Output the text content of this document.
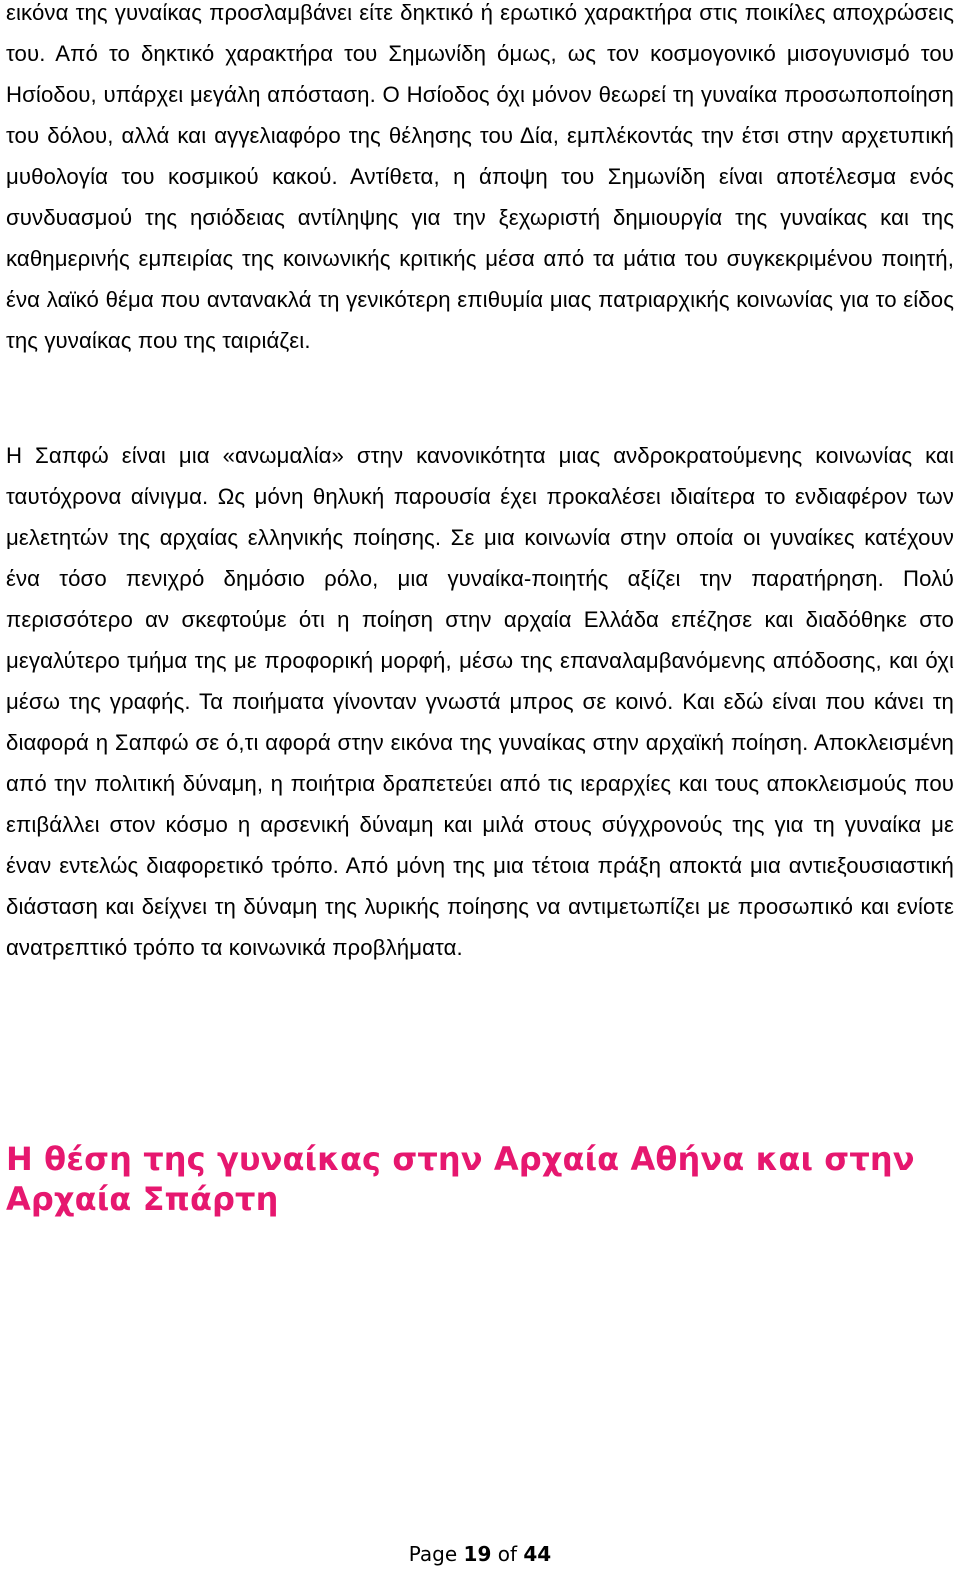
εικόνα της γυναίκας προσλαμβάνει είτε δηκτικό ή ερωτικό χαρακτήρα στις ποικίλες αποχρώσεις του. Από το δηκτικό χαρακτήρα του Σημωνίδη όμως, ως τον κοσμογονικό μισογυνισμό του Ησίοδου, υπάρχει μεγάλη απόσταση. Ο Ησίοδος όχι μόνον θεωρεί τη γυναίκα προσωποποίηση του δόλου, αλλά και αγγελιαφόρο της θέλησης του Δία, εμπλέκοντάς την έτσι στην αρχετυπική μυθολογία του κοσμικού κακού. Αντίθετα, η άποψη του Σημωνίδη είναι αποτέλεσμα ενός συνδυασμού της ησιόδειας αντίληψης για την ξεχωριστή δημιουργία της γυναίκας και της καθημερινής εμπειρίας της κοινωνικής κριτικής μέσα από τα μάτια του συγκεκριμένου ποιητή, ένα λαϊκό θέμα που αντανακλά τη γενικότερη επιθυμία μιας πατριαρχικής κοινωνίας για το είδος της γυναίκας που της ταιριάζει.

Η Σαπφώ είναι μια «ανωμαλία» στην κανονικότητα μιας ανδροκρατούμενης κοινωνίας και ταυτόχρονα αίνιγμα. Ως μόνη θηλυκή παρουσία έχει προκαλέσει ιδιαίτερα το ενδιαφέρον των μελετητών της αρχαίας ελληνικής ποίησης. Σε μια κοινωνία στην οποία οι γυναίκες κατέχουν ένα τόσο πενιχρό δημόσιο ρόλο, μια γυναίκα-ποιητής αξίζει την παρατήρηση. Πολύ περισσότερο αν σκεφτούμε ότι η ποίηση στην αρχαία Ελλάδα επέζησε και διαδόθηκε στο μεγαλύτερο τμήμα της με προφορική μορφή, μέσω της επαναλαμβανόμενης απόδοσης, και όχι μέσω της γραφής. Τα ποιήματα γίνονταν γνωστά μπρος σε κοινό. Και εδώ είναι που κάνει τη διαφορά η Σαπφώ σε ό,τι αφορά στην εικόνα της γυναίκας στην αρχαϊκή ποίηση. Αποκλεισμένη από την πολιτική δύναμη, η ποιήτρια δραπετεύει από τις ιεραρχίες και τους αποκλεισμούς που επιβάλλει στον κόσμο η αρσενική δύναμη και μιλά στους σύγχρονούς της για τη γυναίκα με έναν εντελώς διαφορετικό τρόπο. Από μόνη της μια τέτοια πράξη αποκτά μια αντιεξουσιαστική διάσταση και δείχνει τη δύναμη της λυρικής ποίησης να αντιμετωπίζει με προσωπικό και ενίοτε ανατρεπτικό τρόπο τα κοινωνικά προβλήματα.

Η θέση της γυναίκας στην Αρχαία Αθήνα και στην Αρχαία Σπάρτη
Page 19 of 44
